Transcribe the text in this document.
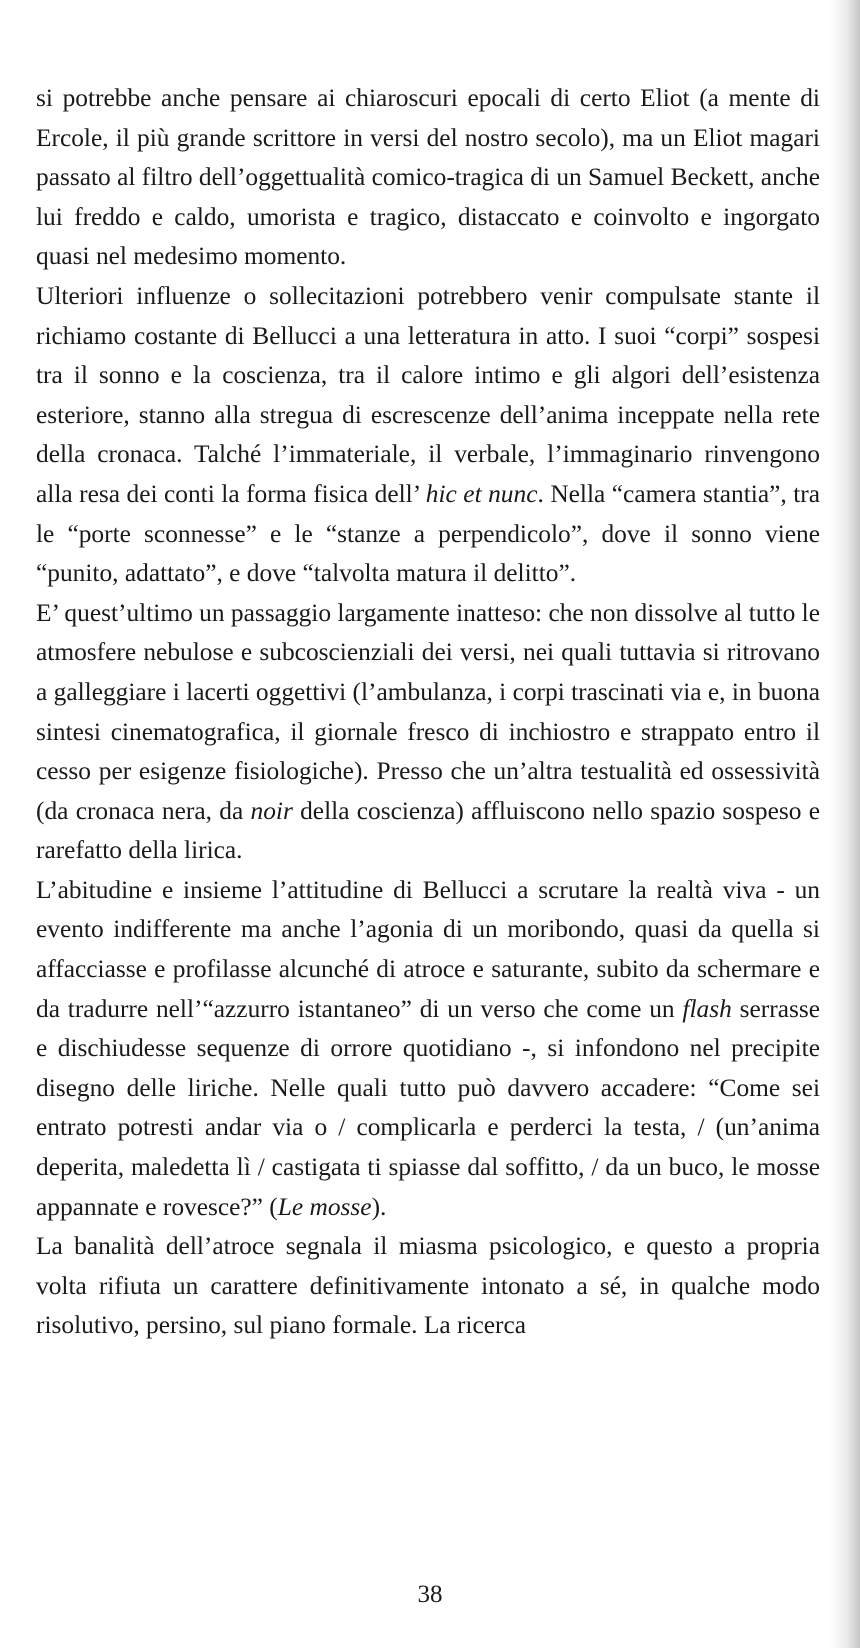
si potrebbe anche pensare ai chiaroscuri epocali di certo Eliot (a mente di Ercole, il più grande scrittore in versi del nostro secolo), ma un Eliot magari passato al filtro dell’oggettualità comico-tragica di un Samuel Beckett, anche lui freddo e caldo, umorista e tragico, distaccato e coinvolto e ingorgato quasi nel medesimo momento.

Ulteriori influenze o sollecitazioni potrebbero venir compulsate stante il richiamo costante di Bellucci a una letteratura in atto. I suoi “corpi” sospesi tra il sonno e la coscienza, tra il calore intimo e gli algori dell’esistenza esteriore, stanno alla stregua di escrescenze dell’anima inceppate nella rete della cronaca. Talché l’immateriale, il verbale, l’immaginario rinvengono alla resa dei conti la forma fisica dell’ hic et nunc. Nella “camera stantia”, tra le “porte sconnesse” e le “stanze a perpendicolo”, dove il sonno viene “punito, adattato”, e dove “talvolta matura il delitto”.

E’ quest’ultimo un passaggio largamente inatteso: che non dissolve al tutto le atmosfere nebulose e subcoscienziali dei versi, nei quali tuttavia si ritrovano a galleggiare i lacerti oggettivi (l’ambulanza, i corpi trascinati via e, in buona sintesi cinematografica, il giornale fresco di inchiostro e strappato entro il cesso per esigenze fisiologiche). Presso che un’altra testualità ed ossessività (da cronaca nera, da noir della coscienza) affluiscono nello spazio sospeso e rarefatto della lirica.

L’abitudine e insieme l’attitudine di Bellucci a scrutare la realtà viva - un evento indifferente ma anche l’agonia di un moribondo, quasi da quella si affacciasse e profilasse alcunché di atroce e saturante, subito da schermare e da tradurre nell’“azzurro istantaneo” di un verso che come un flash serrasse e dischiudesse sequenze di orrore quotidiano -, si infondono nel precipite disegno delle liriche. Nelle quali tutto può davvero accadere: “Come sei entrato potresti andar via o / complicarla e perderci la testa, / (un’anima deperita, maledetta lì / castigata ti spiasse dal soffitto, / da un buco, le mosse appannate e rovesce?” (Le mosse).

La banalità dell’atroce segnala il miasma psicologico, e questo a propria volta rifiuta un carattere definitivamente intonato a sé, in qualche modo risolutivo, persino, sul piano formale. La ricerca

38
